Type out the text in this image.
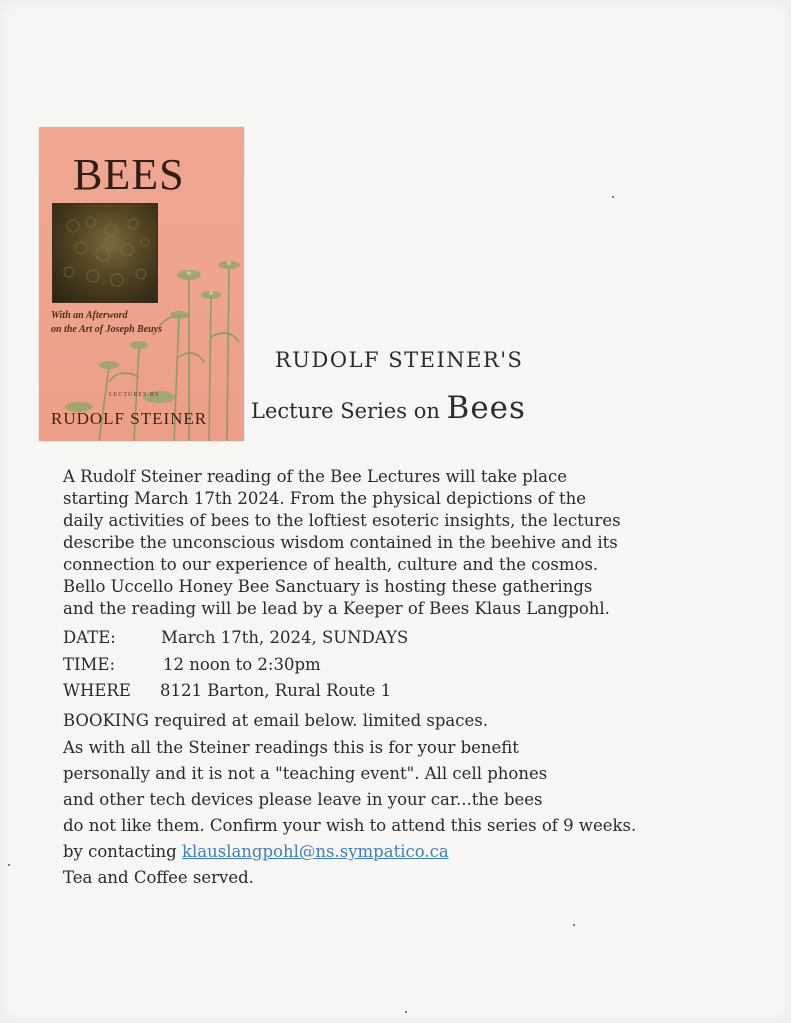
BEES
With an Afterword
on the Art of Joseph Beuys
LECTURES BY
RUDOLF STEINER
RUDOLF STEINER'S
Lecture Series on Bees
A Rudolf Steiner reading of the Bee Lectures will take place
starting March 17th 2024. From the physical depictions of the
daily activities of bees to the loftiest esoteric insights, the lectures
describe the unconscious wisdom contained in the beehive and its
connection to our experience of health, culture and the cosmos.
Bello Uccello Honey Bee Sanctuary is hosting these gatherings
and the reading will be lead by a Keeper of Bees Klaus Langpohl.
DATE:	March 17th, 2024, SUNDAYS
TIME:	12 noon to 2:30pm
WHERE 8121 Barton, Rural Route 1
BOOKING required at email below. limited spaces.
As with all the Steiner readings this is for your benefit
personally and it is not a "teaching event". All cell phones
and other tech devices please leave in your car...the bees
do not like them. Confirm your wish to attend this series of 9 weeks.
by contacting klauslangpohl@ns.sympatico.ca
Tea and Coffee served.
